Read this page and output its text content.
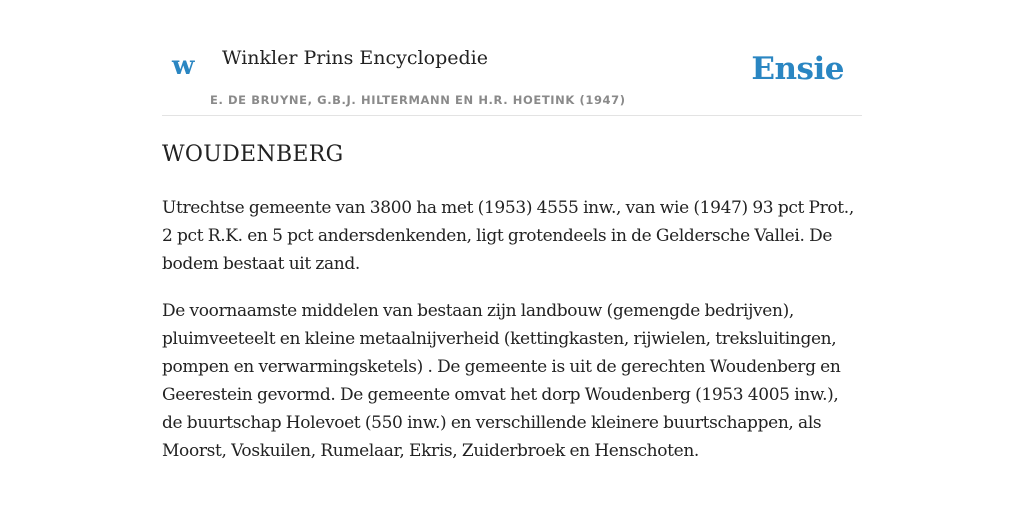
w Winkler Prins Encyclopedie	Ensie
E. DE BRUYNE, G.B.J. HILTERMANN EN H.R. HOETINK (1947)
WOUDENBERG

Utrechtse gemeente van 3800 ha met (1953) 4555 inw., van wie (1947) 93 pct Prot., 2 pct R.K. en 5 pct andersdenkenden, ligt grotendeels in de Geldersche Vallei. De bodem bestaat uit zand.

De voornaamste middelen van bestaan zijn landbouw (gemengde bedrijven), pluimveeteelt en kleine metaalnijverheid (kettingkasten, rijwielen, treksluitingen, pompen en verwarmingsketels) . De gemeente is uit de gerechten Woudenberg en Geerestein gevormd. De gemeente omvat het dorp Woudenberg (1953 4005 inw.), de buurtschap Holevoet (550 inw.) en verschillende kleinere buurtschappen, als Moorst, Voskuilen, Rumelaar, Ekris, Zuiderbroek en Henschoten.
